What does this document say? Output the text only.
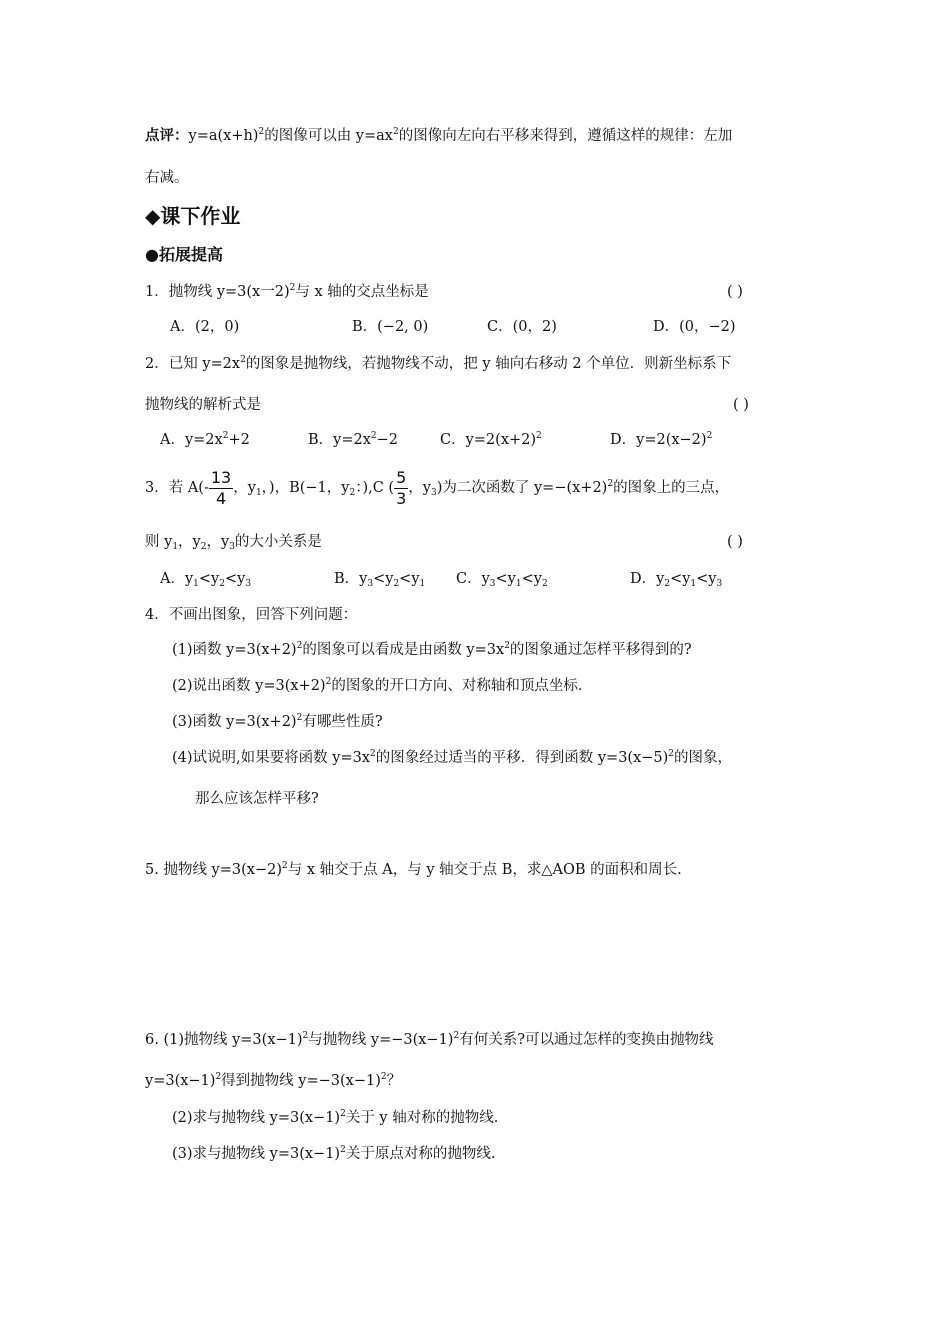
点评：$y=a(x+h)^2$的图像可以由 $y=ax^2$的图像向左向右平移来得到，遵循这样的规律：左加
右减。
◆课下作业
●拓展提高
1．抛物线 y=3(x一2)$^2$与 x 轴的交点坐标是	( )
A．(2，0)	B．(−2, 0)	C．(0，2)	D．(0，−2)
2．已知 $y=2x^2$的图象是抛物线，若抛物线不动，把 y 轴向右移动 2 个单位．则新坐标系下
抛物线的解析式是	( )
A．$y=2x^2+2$	B．$y=2x^2-2$	C．$y=2(x+2)^2$	D．$y=2(x-2)^2$
3．若 $A(- \frac{13}{4}$ ，$y_1$，)，B(−1，$y_2$：),C ( $\frac{5}{3}$ ，$y_3$)为二次函数了 $y=-(x+2)^2$的图象上的三点，
则 $y_1$，$y_2$，$y_3$的大小关系是	( )
A．$y_1<y_2<y_3$	B．$y_3<y_2<y_1$ C．$y_3<y_1<y_2$	D．$y_2<y_1<y_3$
4．不画出图象，回答下列问题：
(1)函数 $y=3(x+2)^2$的图象可以看成是由函数 $y=3x^2$的图象通过怎样平移得到的?
(2)说出函数 $y=3(x+2)^2$的图象的开口方向、对称轴和顶点坐标．
(3)函数 $y=3(x+2)^2$有哪些性质?
(4)试说明,如果要将函数 $y=3x^2$的图象经过适当的平移．得到函数 $y=3(x-5)^2$的图象，
那么应该怎样平移?
5. 抛物线 $y=3(x-2)^2$与 x 轴交于点 A，与 y 轴交于点 B，求△AOB 的面积和周长.
6. (1)抛物线 $y=3(x-1)^2$与抛物线 $y=-3(x-1)^2$有何关系?可以通过怎样的变换由抛物线
$y=3(x-1)^2$得到抛物线 $y=-3(x-1)^2$？
(2)求与抛物线 $y=3(x-1)^2$关于 y 轴对称的抛物线.
(3)求与抛物线 $y=3(x-1)^2$关于原点对称的抛物线.
